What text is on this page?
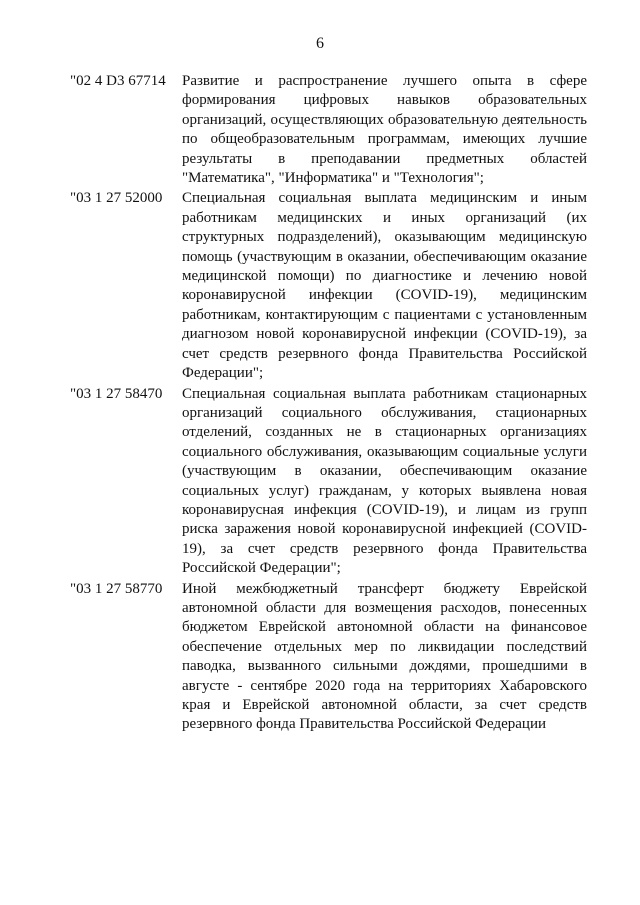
6
"02 4 D3 67714 Развитие и распространение лучшего опыта в сфере формирования цифровых навыков образовательных организаций, осуществляющих образовательную деятельность по общеобразовательным программам, имеющих лучшие результаты в преподавании предметных областей "Математика", "Информатика" и "Технология";
"03 1 27 52000 Специальная социальная выплата медицинским и иным работникам медицинских и иных организаций (их структурных подразделений), оказывающим медицинскую помощь (участвующим в оказании, обеспечивающим оказание медицинской помощи) по диагностике и лечению новой коронавирусной инфекции (COVID-19), медицинским работникам, контактирующим с пациентами с установленным диагнозом новой коронавирусной инфекции (COVID-19), за счет средств резервного фонда Правительства Российской Федерации";
"03 1 27 58470 Специальная социальная выплата работникам стационарных организаций социального обслуживания, стационарных отделений, созданных не в стационарных организациях социального обслуживания, оказывающим социальные услуги (участвующим в оказании, обеспечивающим оказание социальных услуг) гражданам, у которых выявлена новая коронавирусная инфекция (COVID-19), и лицам из групп риска заражения новой коронавирусной инфекцией (COVID-19), за счет средств резервного фонда Правительства Российской Федерации";
"03 1 27 58770 Иной межбюджетный трансферт бюджету Еврейской автономной области для возмещения расходов, понесенных бюджетом Еврейской автономной области на финансовое обеспечение отдельных мер по ликвидации последствий паводка, вызванного сильными дождями, прошедшими в августе - сентябре 2020 года на территориях Хабаровского края и Еврейской автономной области, за счет средств резервного фонда Правительства Российской Федерации
